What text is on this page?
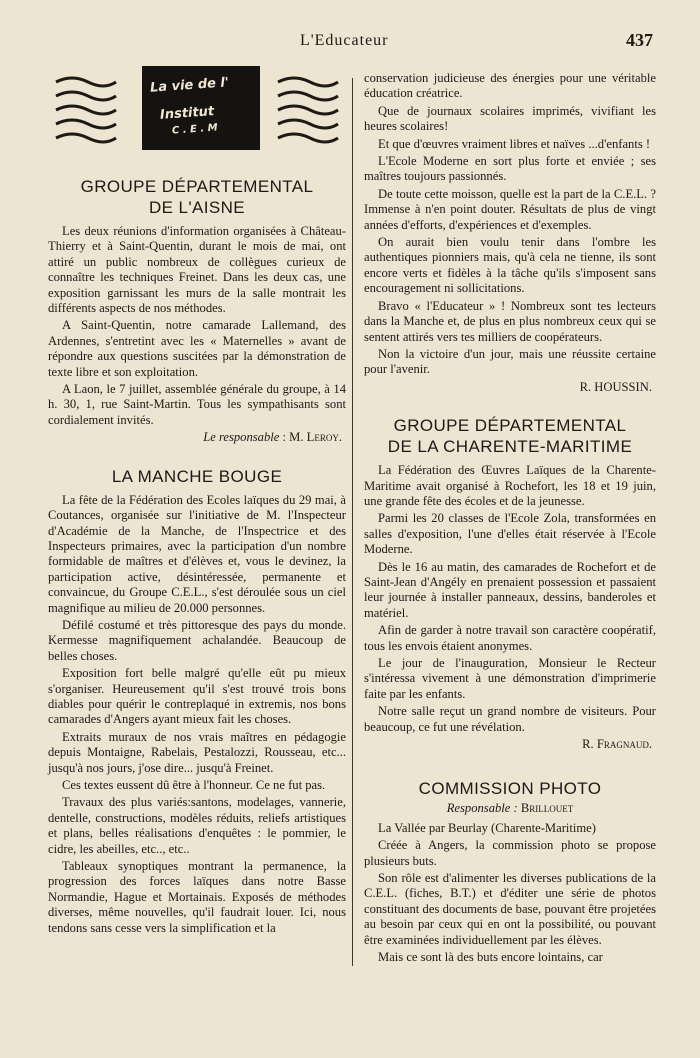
L'Educateur	437
La vie de l'
Institut
C . E . M
GROUPE DÉPARTEMENTAL
DE L'AISNE

Les deux réunions d'information organisées à Château-Thierry et à Saint-Quentin, durant le mois de mai, ont attiré un public nombreux de collègues curieux de connaître les techniques Freinet. Dans les deux cas, une exposition garnissant les murs de la salle montrait les différents aspects de nos méthodes.

A Saint-Quentin, notre camarade Lallemand, des Ardennes, s'entretint avec les « Maternelles » avant de répondre aux questions suscitées par la démonstration de texte libre et son exploitation.

A Laon, le 7 juillet, assemblée générale du groupe, à 14 h. 30, 1, rue Saint-Martin. Tous les sympathisants sont cordialement invités.

Le responsable : M. Leroy.
LA MANCHE BOUGE

La fête de la Fédération des Ecoles laïques du 29 mai, à Coutances, organisée sur l'initiative de M. l'Inspecteur d'Académie de la Manche, de l'Inspectrice et des Inspecteurs primaires, avec la participation d'un nombre formidable de maîtres et d'élèves et, vous le devinez, la participation active, désintéressée, permanente et convaincue, du Groupe C.E.L., s'est déroulée sous un ciel magnifique au milieu de 20.000 personnes.

Défilé costumé et très pittoresque des pays du monde. Kermesse magnifiquement achalandée. Beaucoup de belles choses.

Exposition fort belle malgré qu'elle eût pu mieux s'organiser. Heureusement qu'il s'est trouvé trois bons diables pour quérir le contreplaqué in extremis, nos bons camarades d'Angers ayant mieux fait les choses.

Extraits muraux de nos vrais maîtres en pédagogie depuis Montaigne, Rabelais, Pestalozzi, Rousseau, etc... jusqu'à nos jours, j'ose dire... jusqu'à Freinet.

Ces textes eussent dû être à l'honneur. Ce ne fut pas.

Travaux des plus variés:santons, modelages, vannerie, dentelle, constructions, modèles réduits, reliefs artistiques et plans, belles réalisations d'enquêtes : le pommier, le cidre, les abeilles, etc.., etc..

Tableaux synoptiques montrant la permanence, la progression des forces laïques dans notre Basse Normandie, Hague et Mortainais. Exposés de méthodes diverses, même nouvelles, qu'il faudrait louer. Ici, nous tendons sans cesse vers la simplification et la

conservation judicieuse des énergies pour une véritable éducation créatrice.

Que de journaux scolaires imprimés, vivifiant les heures scolaires!

Et que d'œuvres vraiment libres et naïves ...d'enfants !

L'Ecole Moderne en sort plus forte et enviée ; ses maîtres toujours passionnés.

De toute cette moisson, quelle est la part de la C.E.L. ? Immense à n'en point douter. Résultats de plus de vingt années d'efforts, d'expériences et d'exemples.

On aurait bien voulu tenir dans l'ombre les authentiques pionniers mais, qu'à cela ne tienne, ils sont encore verts et fidèles à la tâche qu'ils s'imposent sans encouragement ni sollicitations.

Bravo « l'Educateur » ! Nombreux sont tes lecteurs dans la Manche et, de plus en plus nombreux ceux qui se sentent attirés vers tes milliers de coopérateurs.

Non la victoire d'un jour, mais une réussite certaine pour l'avenir.

R. HOUSSIN.
GROUPE DÉPARTEMENTAL
DE LA CHARENTE-MARITIME

La Fédération des Œuvres Laïques de la Charente-Maritime avait organisé à Rochefort, les 18 et 19 juin, une grande fête des écoles et de la jeunesse.

Parmi les 20 classes de l'Ecole Zola, transformées en salles d'exposition, l'une d'elles était réservée à l'Ecole Moderne.

Dès le 16 au matin, des camarades de Rochefort et de Saint-Jean d'Angély en prenaient possession et passaient leur journée à installer panneaux, dessins, banderoles et matériel.

Afin de garder à notre travail son caractère coopératif, tous les envois étaient anonymes.

Le jour de l'inauguration, Monsieur le Recteur s'intéressa vivement à une démonstration d'imprimerie faite par les enfants.

Notre salle reçut un grand nombre de visiteurs. Pour beaucoup, ce fut une révélation.

R. Fragnaud.
COMMISSION PHOTO
Responsable : Brillouet

La Vallée par Beurlay (Charente-Maritime)

Créée à Angers, la commission photo se propose plusieurs buts.

Son rôle est d'alimenter les diverses publications de la C.E.L. (fiches, B.T.) et d'éditer une série de photos constituant des documents de base, pouvant être projetées au besoin par ceux qui en ont la possibilité, ou pouvant être examinées individuellement par les élèves.

Mais ce sont là des buts encore lointains, car
